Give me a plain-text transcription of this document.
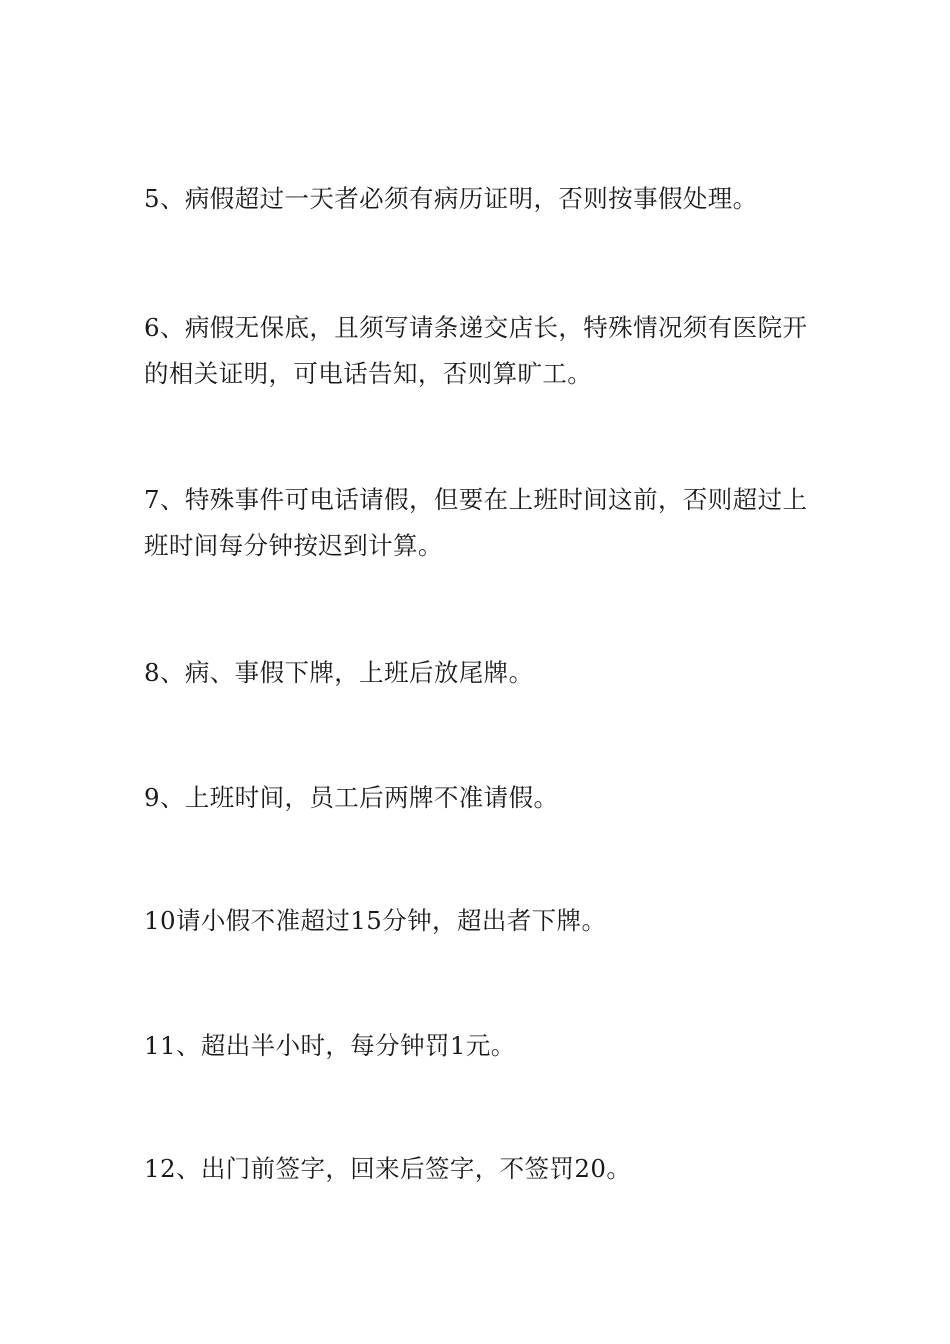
5、病假超过一天者必须有病历证明，否则按事假处理。

6、病假无保底，且须写请条递交店长，特殊情况须有医院开的相关证明，可电话告知，否则算旷工。

7、特殊事件可电话请假，但要在上班时间这前，否则超过上班时间每分钟按迟到计算。

8、病、事假下牌，上班后放尾牌。

9、上班时间，员工后两牌不准请假。

10请小假不准超过15分钟，超出者下牌。

11、超出半小时，每分钟罚1元。

12、出门前签字，回来后签字，不签罚20。
